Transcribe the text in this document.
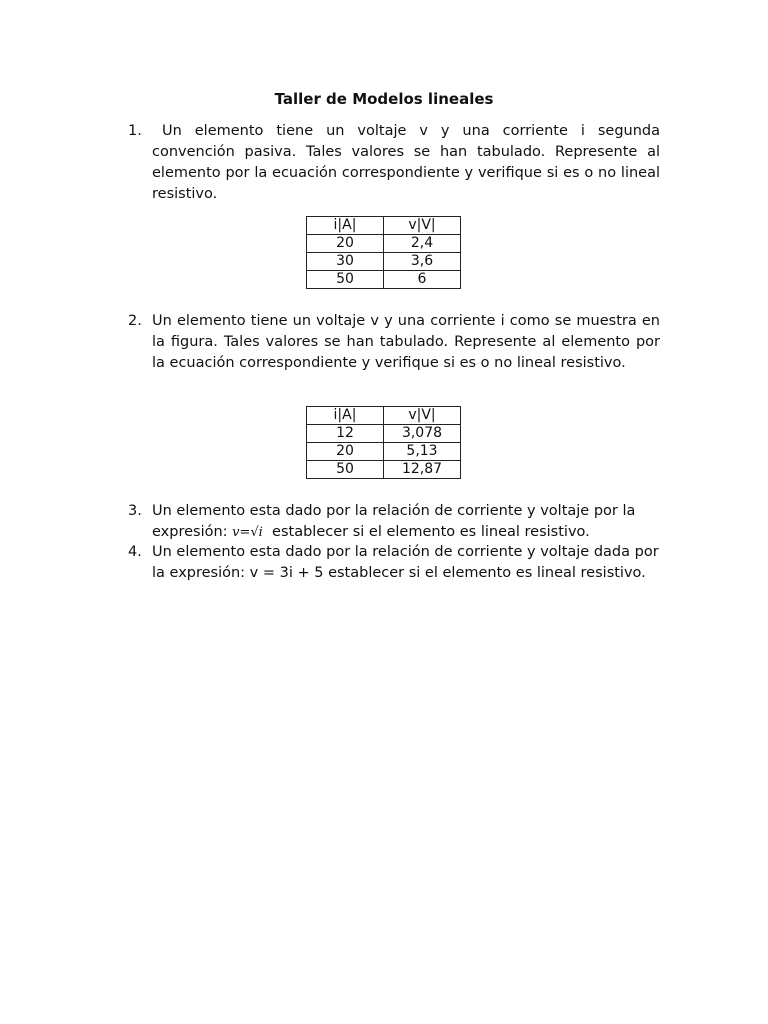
Taller de Modelos lineales
1.	Un elemento tiene un voltaje v y una corriente i segunda convención pasiva. Tales valores se han tabulado. Represente al elemento por la ecuación correspondiente y verifique si es o no lineal resistivo.
i|A|	v|V|
20	2,4
30	3,6
50	6
2. Un elemento tiene un voltaje v y una corriente i como se muestra en la figura. Tales valores se han tabulado. Represente al elemento por la ecuación correspondiente y verifique si es o no lineal resistivo.
i|A|	v|V|
12	3,078
20	5,13
50	12,87
3. Un elemento esta dado por la relación de corriente y voltaje por la expresión: v=√i  establecer si el elemento es lineal resistivo.
4. Un elemento esta dado por la relación de corriente y voltaje dada por la expresión: v = 3i + 5 establecer si el elemento es lineal resistivo.
